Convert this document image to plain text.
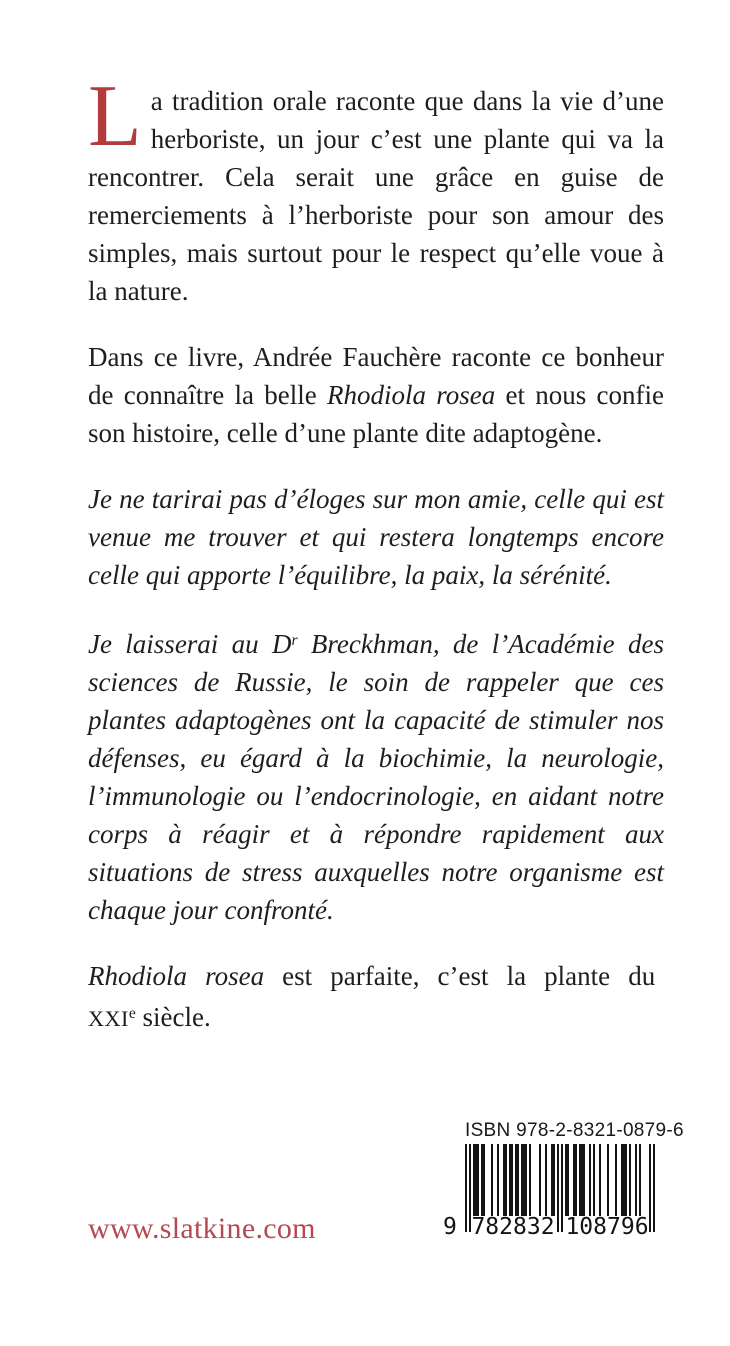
La tradition orale raconte que dans la vie d’une herboriste, un jour c’est une plante qui va la rencontrer. Cela serait une grâce en guise de remerciements à l’herboriste pour son amour des simples, mais surtout pour le respect qu’elle voue à la nature.

Dans ce livre, Andrée Fauchère raconte ce bonheur de connaître la belle Rhodiola rosea et nous confie son histoire, celle d’une plante dite adaptogène.

Je ne tarirai pas d’éloges sur mon amie, celle qui est venue me trouver et qui restera longtemps encore celle qui apporte l’équilibre, la paix, la sérénité.

Je laisserai au $D^r$ Breckhman, de l’Académie des sciences de Russie, le soin de rappeler que ces plantes adaptogènes ont la capacité de stimuler nos défenses, eu égard à la biochimie, la neurologie, l’immunologie ou l’endocrinologie, en aidant notre corps à réagir et à répondre rapidement aux situations de stress auxquelles notre organisme est chaque jour confronté.

Rhodiola rosea est parfaite, c’est la plante du
XXIe siècle.

www.slatkine.com
ISBN 978-2-8321-0879-6
9 782832 108796
